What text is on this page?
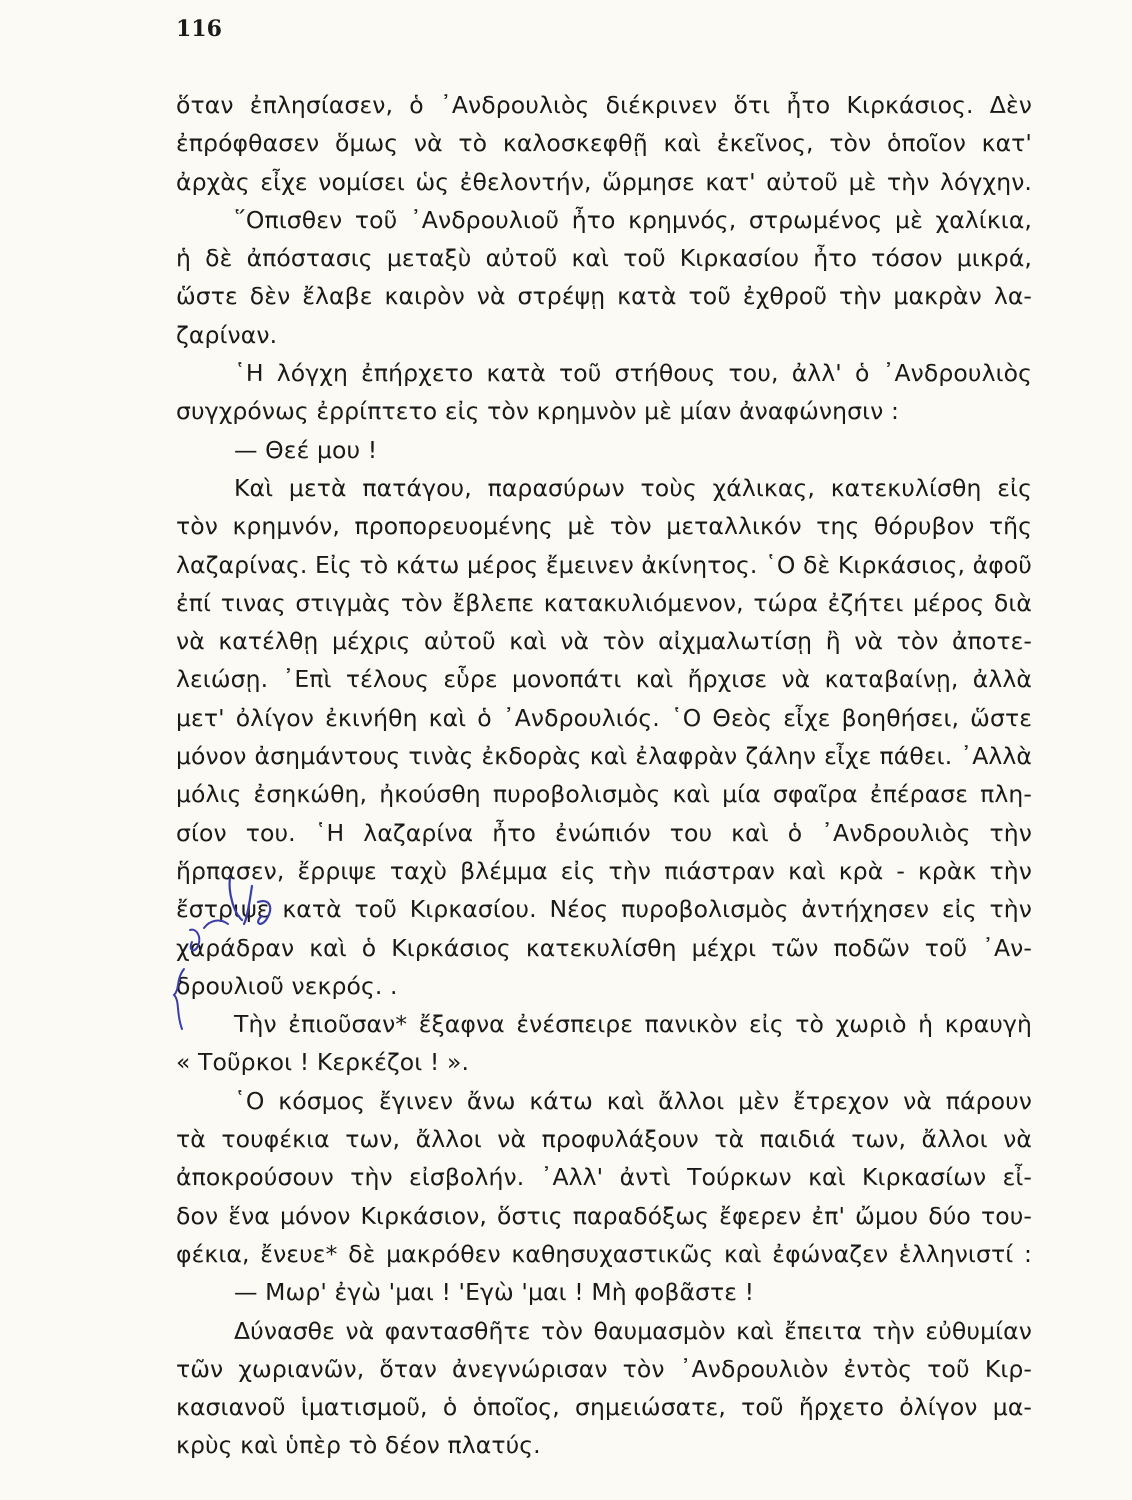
116
ὅταν ἐπλησίασεν, ὁ ᾿Ανδρουλιὸς διέκρινεν ὅτι ἦτο Κιρκάσιος. Δὲν
ἐπρόφθασεν ὅμως νὰ τὸ καλοσκεφθῇ καὶ ἐκεῖνος, τὸν ὁποῖον κατ'
ἀρχὰς εἶχε νομίσει ὡς ἐθελοντήν, ὥρμησε κατ' αὐτοῦ μὲ τὴν λόγχην.
῞Οπισθεν τοῦ ᾿Ανδρουλιοῦ ἦτο κρημνός, στρωμένος μὲ χαλίκια,
ἡ δὲ ἀπόστασις μεταξὺ αὐτοῦ καὶ τοῦ Κιρκασίου ἦτο τόσον μικρά,
ὥστε δὲν ἔλαβε καιρὸν νὰ στρέψῃ κατὰ τοῦ ἐχθροῦ τὴν μακρὰν λα-
ζαρίναν.
῾Η λόγχη ἐπήρχετο κατὰ τοῦ στήθους του, ἀλλ' ὁ ᾿Ανδρουλιὸς
συγχρόνως ἐρρίπτετο εἰς τὸν κρημνὸν μὲ μίαν ἀναφώνησιν :
— Θεέ μου !
Καὶ μετὰ πατάγου, παρασύρων τοὺς χάλικας, κατεκυλίσθη εἰς
τὸν κρημνόν, προπορευομένης μὲ τὸν μεταλλικόν της θόρυβον τῆς
λαζαρίνας. Εἰς τὸ κάτω μέρος ἔμεινεν ἀκίνητος. ῾Ο δὲ Κιρκάσιος, ἀφοῦ
ἐπί τινας στιγμὰς τὸν ἔβλεπε κατακυλιόμενον, τώρα ἐζήτει μέρος διὰ
νὰ κατέλθῃ μέχρις αὐτοῦ καὶ νὰ τὸν αἰχμαλωτίσῃ ἢ νὰ τὸν ἀποτε-
λειώσῃ. ᾿Επὶ τέλους εὗρε μονοπάτι καὶ ἤρχισε νὰ καταβαίνῃ, ἀλλὰ
μετ' ὀλίγον ἐκινήθη καὶ ὁ ᾿Ανδρουλιός. ῾Ο Θεὸς εἶχε βοηθήσει, ὥστε
μόνον ἀσημάντους τινὰς ἐκδορὰς καὶ ἐλαφρὰν ζάλην εἶχε πάθει. ᾿Αλλὰ
μόλις ἐσηκώθη, ἠκούσθη πυροβολισμὸς καὶ μία σφαῖρα ἐπέρασε πλη-
σίον του. ῾Η λαζαρίνα ἦτο ἐνώπιόν του καὶ ὁ ᾿Ανδρουλιὸς τὴν
ἥρπασεν, ἔρριψε ταχὺ βλέμμα εἰς τὴν πιάστραν καὶ κρὰ - κρὰκ τὴν
ἔστριψε κατὰ τοῦ Κιρκασίου. Νέος πυροβολισμὸς ἀντήχησεν εἰς τὴν
χαράδραν καὶ ὁ Κιρκάσιος κατεκυλίσθη μέχρι τῶν ποδῶν τοῦ ᾿Αν-
δρουλιοῦ νεκρός. .
Τὴν ἐπιοῦσαν* ἔξαφνα ἐνέσπειρε πανικὸν εἰς τὸ χωριὸ ἡ κραυγὴ
« Τοῦρκοι ! Κερκέζοι ! ».
῾Ο κόσμος ἔγινεν ἄνω κάτω καὶ ἄλλοι μὲν ἔτρεχον νὰ πάρουν
τὰ τουφέκια των, ἄλλοι νὰ προφυλάξουν τὰ παιδιά των, ἄλλοι νὰ
ἀποκρούσουν τὴν εἰσβολήν. ᾿Αλλ' ἀντὶ Τούρκων καὶ Κιρκασίων εἶ-
δον ἕνα μόνον Κιρκάσιον, ὅστις παραδόξως ἔφερεν ἐπ' ὤμου δύο του-
φέκια, ἔνευε* δὲ μακρόθεν καθησυχαστικῶς καὶ ἐφώναζεν ἑλληνιστί :
— Μωρ' ἐγὼ 'μαι ! 'Εγὼ 'μαι ! Μὴ φοβᾶστε !
Δύνασθε νὰ φαντασθῆτε τὸν θαυμασμὸν καὶ ἔπειτα τὴν εὐθυμίαν
τῶν χωριανῶν, ὅταν ἀνεγνώρισαν τὸν ᾿Ανδρουλιὸν ἐντὸς τοῦ Κιρ-
κασιανοῦ ἱματισμοῦ, ὁ ὁποῖος, σημειώσατε, τοῦ ἤρχετο ὀλίγον μα-
κρὺς καὶ ὑπὲρ τὸ δέον πλατύς.
